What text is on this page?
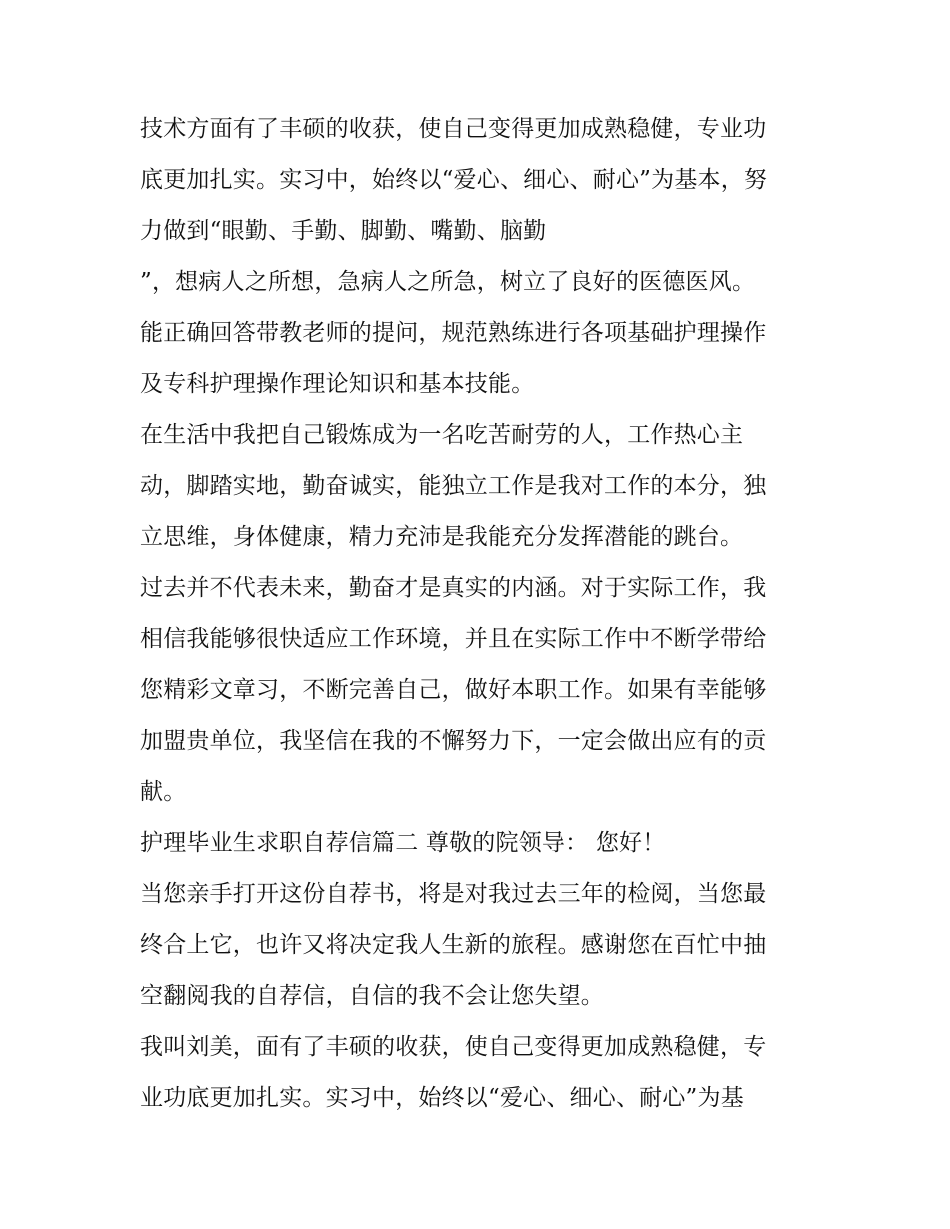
技术方面有了丰硕的收获，使自己变得更加成熟稳健，专业功
底更加扎实。实习中，始终以“爱心、细心、耐心”为基本，努
力做到“眼勤、手勤、脚勤、嘴勤、脑勤
”，想病人之所想，急病人之所急，树立了良好的医德医风。
能正确回答带教老师的提问，规范熟练进行各项基础护理操作
及专科护理操作理论知识和基本技能。
在生活中我把自己锻炼成为一名吃苦耐劳的人，工作热心主
动，脚踏实地，勤奋诚实，能独立工作是我对工作的本分，独
立思维，身体健康，精力充沛是我能充分发挥潜能的跳台。
过去并不代表未来，勤奋才是真实的内涵。对于实际工作，我
相信我能够很快适应工作环境，并且在实际工作中不断学带给
您精彩文章习，不断完善自己，做好本职工作。如果有幸能够
加盟贵单位，我坚信在我的不懈努力下，一定会做出应有的贡
献。
护理毕业生求职自荐信篇二 尊敬的院领导： 您好！
当您亲手打开这份自荐书，将是对我过去三年的检阅，当您最
终合上它，也许又将决定我人生新的旅程。感谢您在百忙中抽
空翻阅我的自荐信，自信的我不会让您失望。
我叫刘美，面有了丰硕的收获，使自己变得更加成熟稳健，专
业功底更加扎实。实习中，始终以“爱心、细心、耐心”为基
